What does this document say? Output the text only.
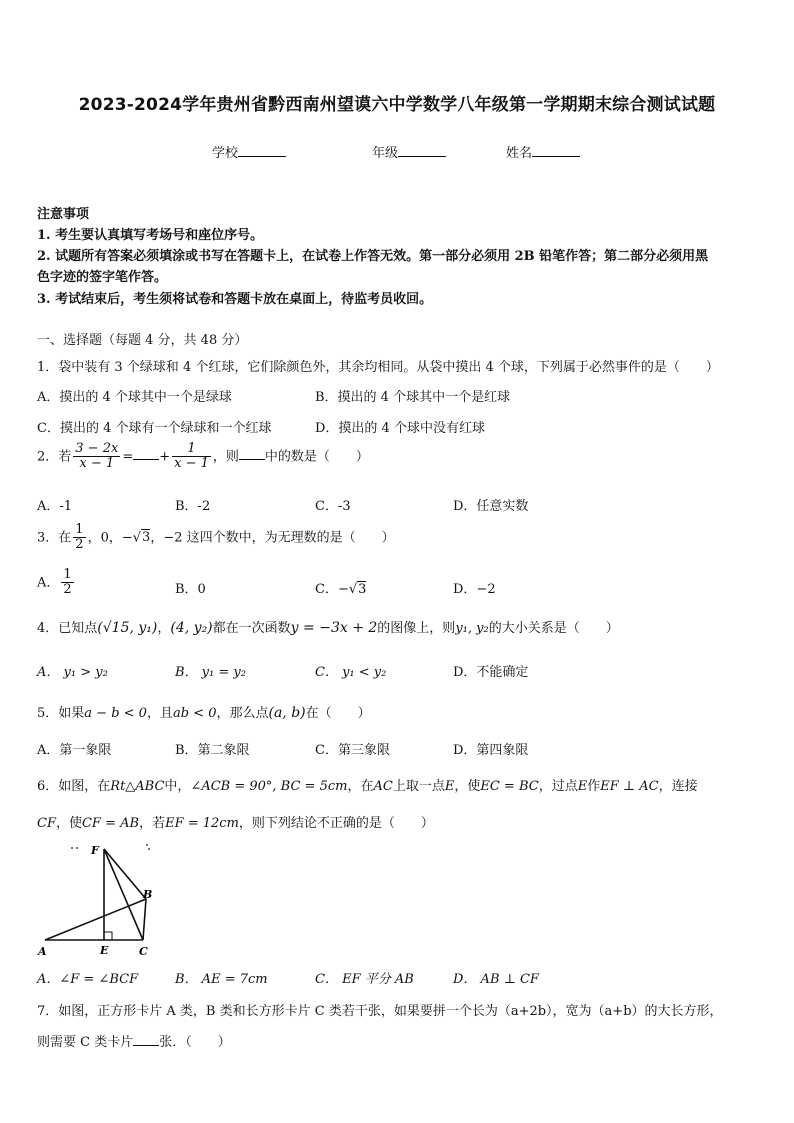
2023-2024学年贵州省黔西南州望谟六中学数学八年级第一学期期末综合测试试题
学校	年级	姓名
注意事项
1. 考生要认真填写考场号和座位序号。
2. 试题所有答案必须填涂或书写在答题卡上，在试卷上作答无效。第一部分必须用 2B 铅笔作答；第二部分必须用黑
色字迹的签字笔作答。
3. 考试结束后，考生须将试卷和答题卡放在桌面上，待监考员收回。
一、选择题（每题 4 分，共 48 分）
1．袋中装有 3 个绿球和 4 个红球，它们除颜色外，其余均相同。从袋中摸出 4 个球，下列属于必然事件的是（　　）
A．摸出的 4 个球其中一个是绿球	B．摸出的 4 个球其中一个是红球
C．摸出的 4 个球有一个绿球和一个红球	D．摸出的 4 个球中没有红球
2．若 $\frac{3 - 2x}{x - 1}$ = + $\frac{1}{x - 1}$ ，则 中的数是（　　）
A．-1	B．-2	C．-3	D．任意实数
3．在 $\frac{1}{2}$ ，0，−√3，−2 这四个数中，为无理数的是（　　）
A． $\frac{1}{2}$	B．0	C．−√3	D．−2
4．已知点(√15, y₁)，(4, y₂)都在一次函数y = −3x + 2的图像上，则y₁, y₂的大小关系是（　　）
A． y₁ > y₂	B． y₁ = y₂	C． y₁ < y₂	D．不能确定
5．如果a − b < 0，且ab < 0，那么点(a, b)在（　　）
A．第一象限	B．第二象限	C．第三象限	D．第四象限
6．如图，在Rt△ABC中，∠ACB = 90°, BC = 5cm，在AC上取一点E，使EC = BC，过点E作EF ⊥ AC，连接
CF，使CF = AB，若EF = 12cm，则下列结论不正确的是（　　）
F
B
A	E	C
A．∠F = ∠BCF	B． AE = 7cm	C． EF 平分 AB	D． AB ⊥ CF
7．如图，正方形卡片 A 类，B 类和长方形卡片 C 类若干张，如果要拼一个长为（a+2b），宽为（a+b）的大长方形，
则需要 C 类卡片 张．（　　）
